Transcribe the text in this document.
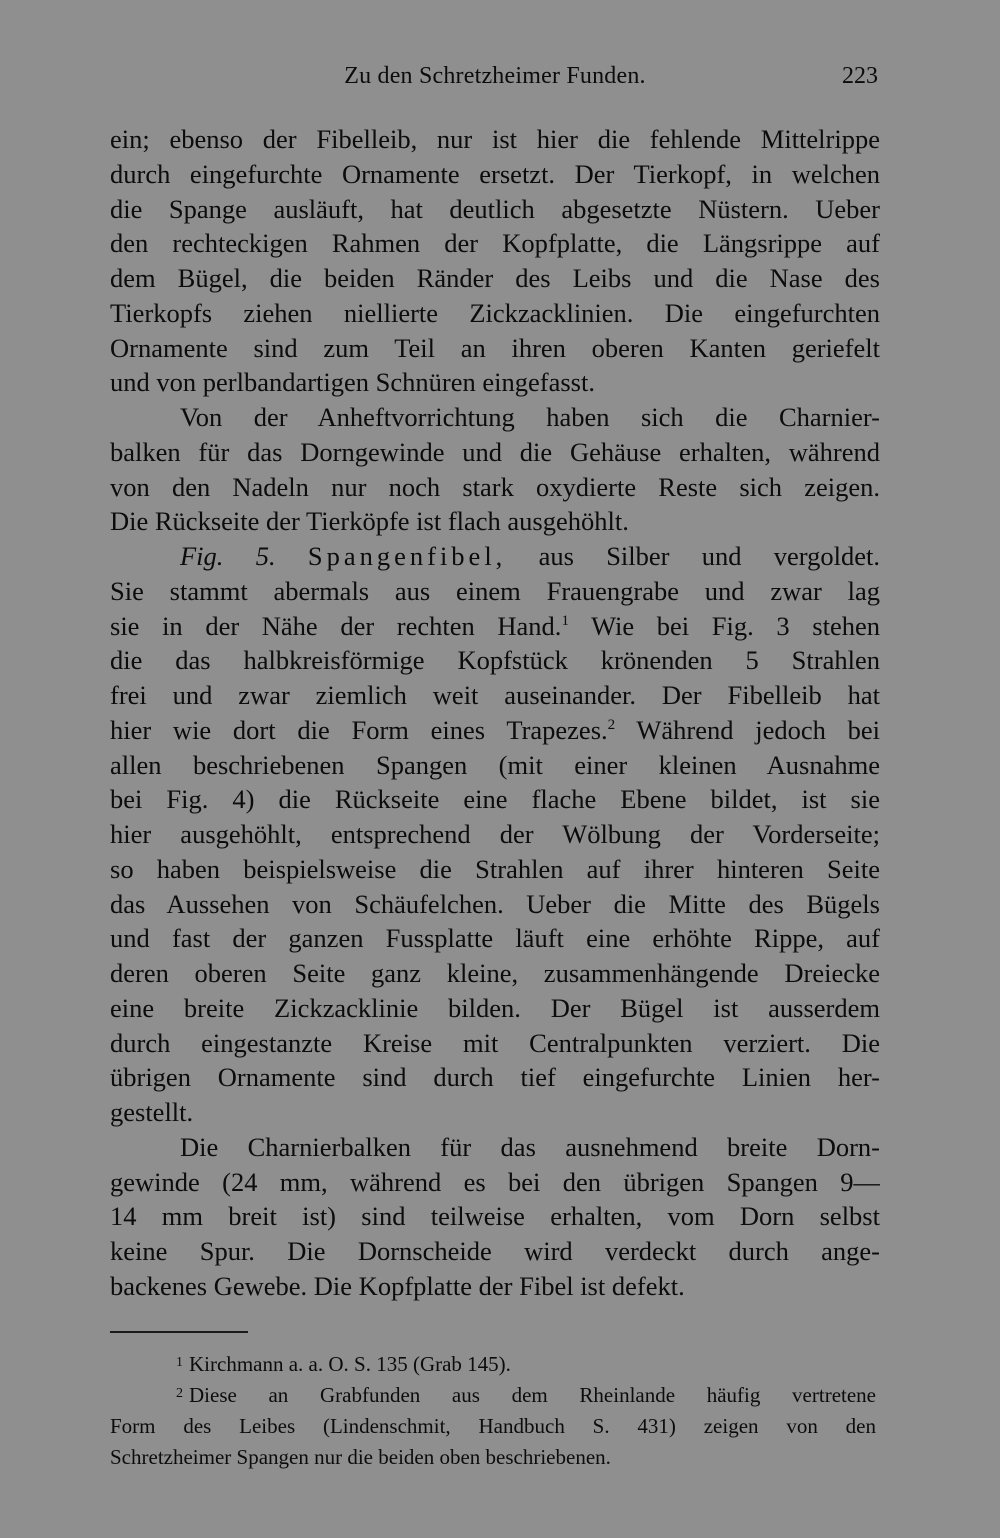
Zu den Schretzheimer Funden.	223
ein; ebenso der Fibelleib, nur ist hier die fehlende Mittelrippe
durch eingefurchte Ornamente ersetzt. Der Tierkopf, in welchen
die Spange ausläuft, hat deutlich abgesetzte Nüstern. Ueber
den rechteckigen Rahmen der Kopfplatte, die Längsrippe auf
dem Bügel, die beiden Ränder des Leibs und die Nase des
Tierkopfs ziehen niellierte Zickzacklinien. Die eingefurchten
Ornamente sind zum Teil an ihren oberen Kanten geriefelt
und von perlbandartigen Schnüren eingefasst.
Von der Anheftvorrichtung haben sich die Charnier-
balken für das Dorngewinde und die Gehäuse erhalten, während
von den Nadeln nur noch stark oxydierte Reste sich zeigen.
Die Rückseite der Tierköpfe ist flach ausgehöhlt.
Fig. 5. Spangenfibel, aus Silber und vergoldet.
Sie stammt abermals aus einem Frauengrabe und zwar lag
sie in der Nähe der rechten Hand.$^1$ Wie bei Fig. 3 stehen
die das halbkreisförmige Kopfstück krönenden 5 Strahlen
frei und zwar ziemlich weit auseinander. Der Fibelleib hat
hier wie dort die Form eines Trapezes.$^2$ Während jedoch bei
allen beschriebenen Spangen (mit einer kleinen Ausnahme
bei Fig. 4) die Rückseite eine flache Ebene bildet, ist sie
hier ausgehöhlt, entsprechend der Wölbung der Vorderseite;
so haben beispielsweise die Strahlen auf ihrer hinteren Seite
das Aussehen von Schäufelchen. Ueber die Mitte des Bügels
und fast der ganzen Fussplatte läuft eine erhöhte Rippe, auf
deren oberen Seite ganz kleine, zusammenhängende Dreiecke
eine breite Zickzacklinie bilden. Der Bügel ist ausserdem
durch eingestanzte Kreise mit Centralpunkten verziert. Die
übrigen Ornamente sind durch tief eingefurchte Linien her-
gestellt.
Die Charnierbalken für das ausnehmend breite Dorn-
gewinde (24 mm, während es bei den übrigen Spangen 9—
14 mm breit ist) sind teilweise erhalten, vom Dorn selbst
keine Spur. Die Dornscheide wird verdeckt durch ange-
backenes Gewebe. Die Kopfplatte der Fibel ist defekt.
$^1$ Kirchmann a. a. O. S. 135 (Grab 145).
$^2$ Diese an Grabfunden aus dem Rheinlande häufig vertretene
Form des Leibes (Lindenschmit, Handbuch S. 431) zeigen von den
Schretzheimer Spangen nur die beiden oben beschriebenen.
